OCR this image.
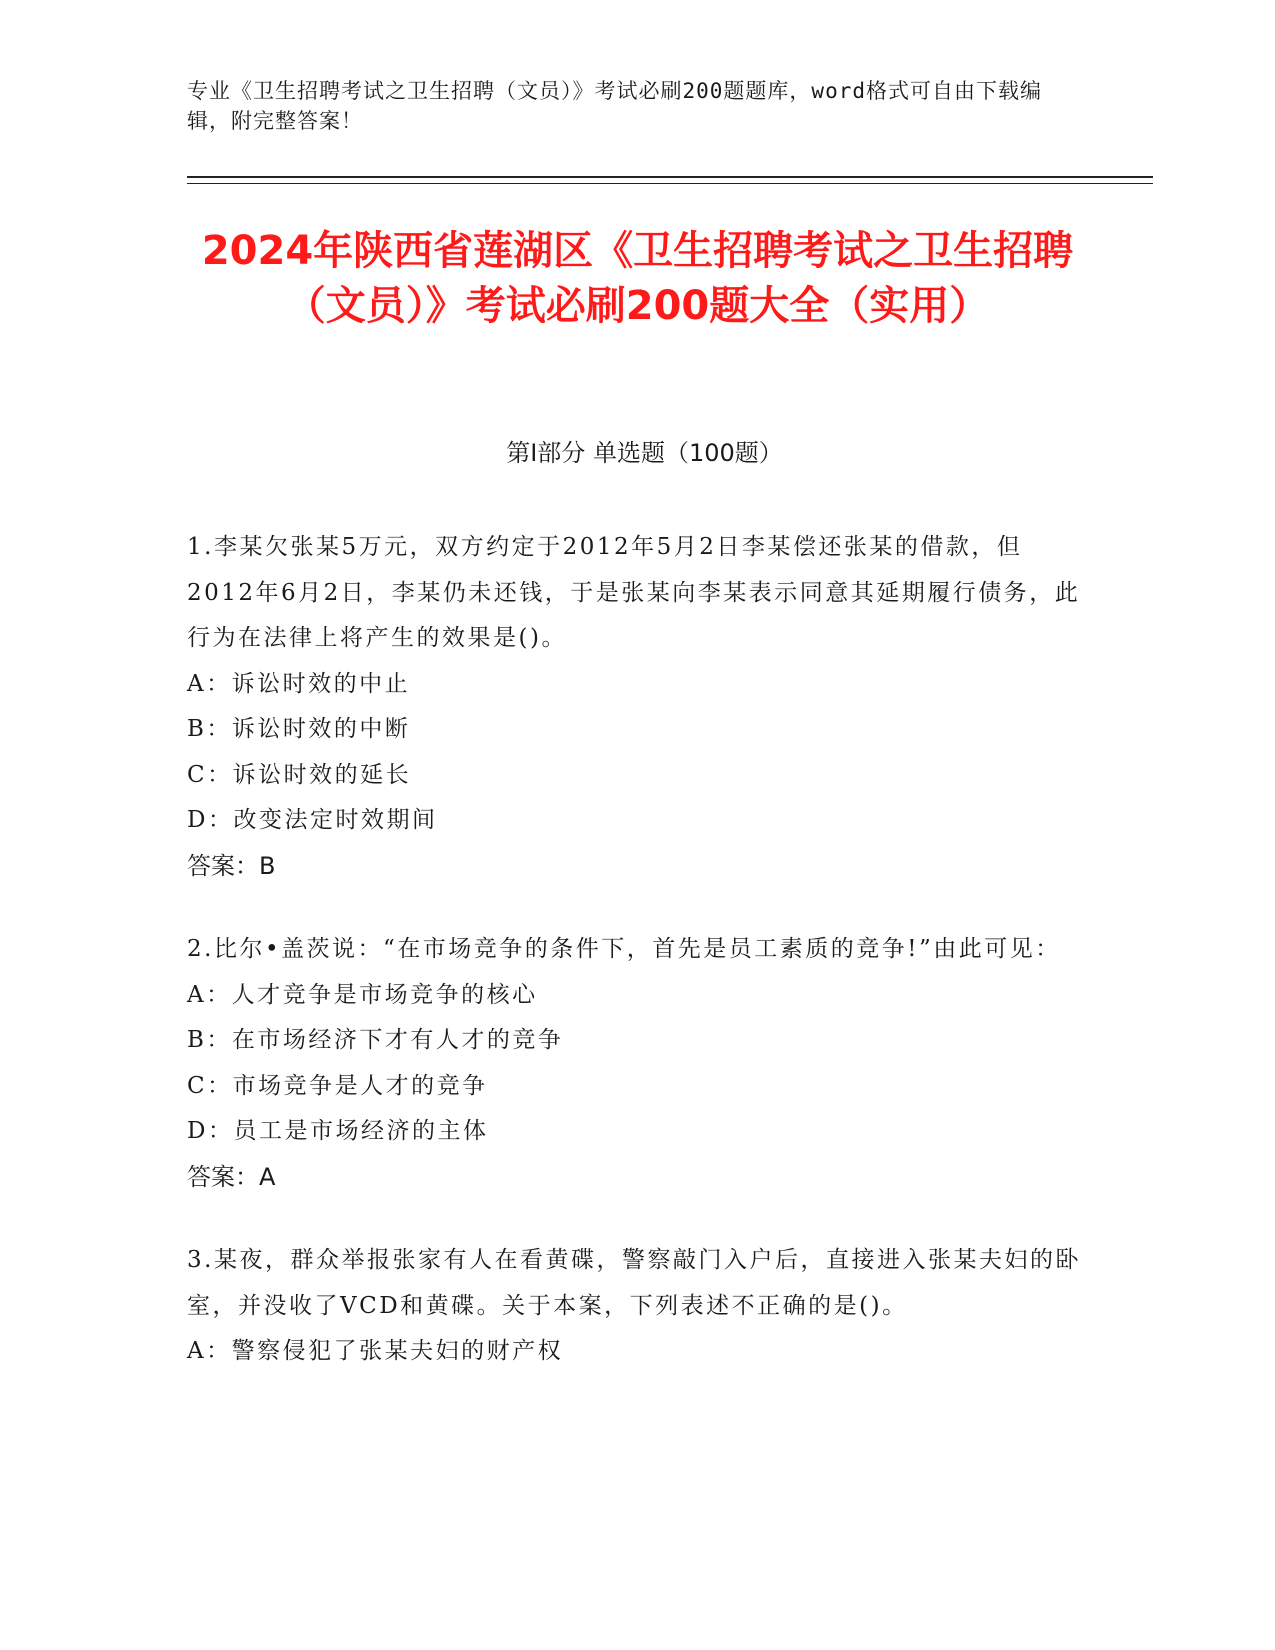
专业《卫生招聘考试之卫生招聘（文员）》考试必刷200题题库，word格式可自由下载编辑，附完整答案！
2024年陕西省莲湖区《卫生招聘考试之卫生招聘（文员）》考试必刷200题大全（实用）
第Ⅰ部分 单选题（100题）
1.李某欠张某5万元，双方约定于2012年5月2日李某偿还张某的借款，但2012年6月2日，李某仍未还钱，于是张某向李某表示同意其延期履行债务，此行为在法律上将产生的效果是()。
A：诉讼时效的中止
B：诉讼时效的中断
C：诉讼时效的延长
D：改变法定时效期间
答案：B
2.比尔•盖茨说：“在市场竞争的条件下，首先是员工素质的竞争!”由此可见：
A：人才竞争是市场竞争的核心
B：在市场经济下才有人才的竞争
C：市场竞争是人才的竞争
D：员工是市场经济的主体
答案：A
3.某夜，群众举报张家有人在看黄碟，警察敲门入户后，直接进入张某夫妇的卧室，并没收了VCD和黄碟。关于本案，下列表述不正确的是()。
A：警察侵犯了张某夫妇的财产权
